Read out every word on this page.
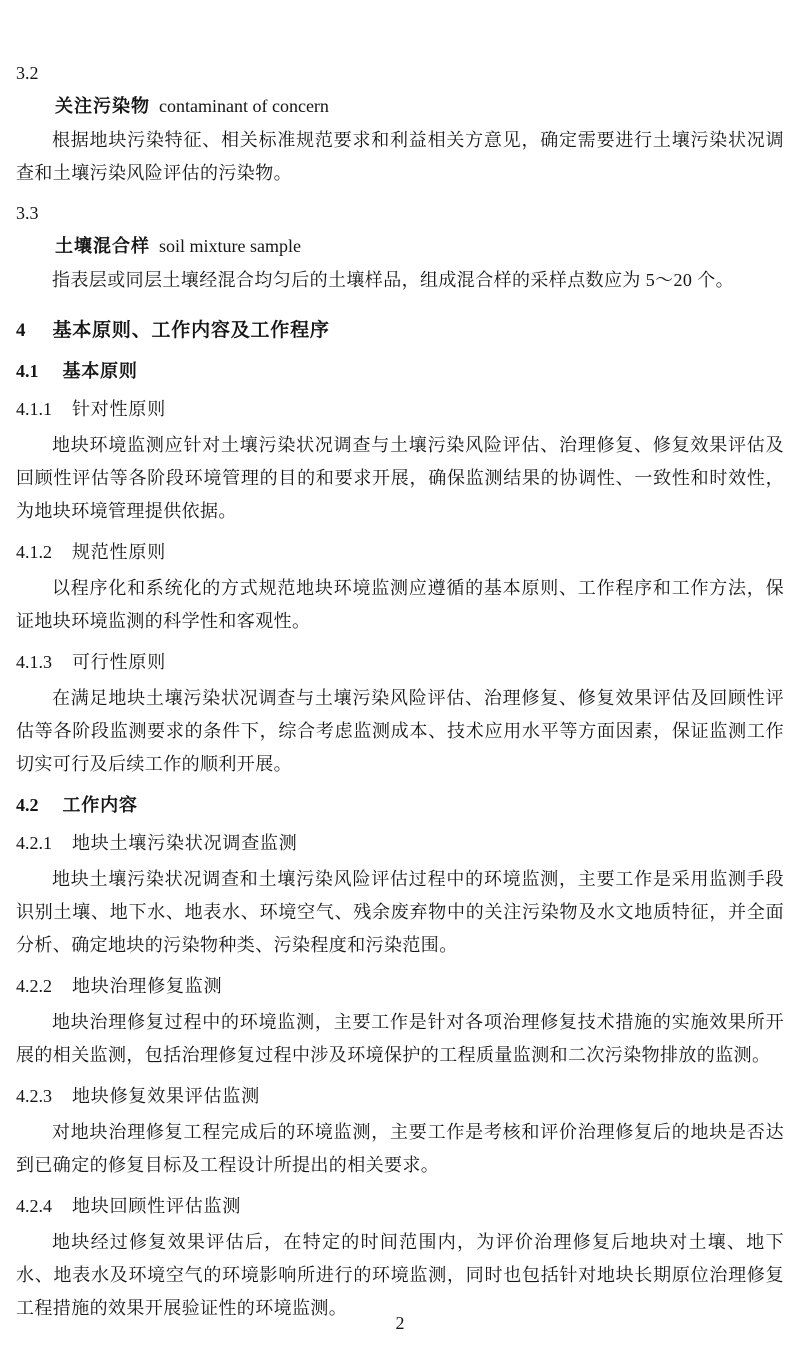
3.2
关注污染物 contaminant of concern

根据地块污染特征、相关标准规范要求和利益相关方意见，确定需要进行土壤污染状况调查和土壤污染风险评估的污染物。

3.3
土壤混合样 soil mixture sample

指表层或同层土壤经混合均匀后的土壤样品，组成混合样的采样点数应为 5～20 个。

4 基本原则、工作内容及工作程序
4.1 基本原则
4.1.1 针对性原则

地块环境监测应针对土壤污染状况调查与土壤污染风险评估、治理修复、修复效果评估及回顾性评估等各阶段环境管理的目的和要求开展，确保监测结果的协调性、一致性和时效性，为地块环境管理提供依据。

4.1.2 规范性原则

以程序化和系统化的方式规范地块环境监测应遵循的基本原则、工作程序和工作方法，保证地块环境监测的科学性和客观性。

4.1.3 可行性原则

在满足地块土壤污染状况调查与土壤污染风险评估、治理修复、修复效果评估及回顾性评估等各阶段监测要求的条件下，综合考虑监测成本、技术应用水平等方面因素，保证监测工作切实可行及后续工作的顺利开展。

4.2 工作内容
4.2.1 地块土壤污染状况调查监测

地块土壤污染状况调查和土壤污染风险评估过程中的环境监测，主要工作是采用监测手段识别土壤、地下水、地表水、环境空气、残余废弃物中的关注污染物及水文地质特征，并全面分析、确定地块的污染物种类、污染程度和污染范围。

4.2.2 地块治理修复监测

地块治理修复过程中的环境监测，主要工作是针对各项治理修复技术措施的实施效果所开展的相关监测，包括治理修复过程中涉及环境保护的工程质量监测和二次污染物排放的监测。

4.2.3 地块修复效果评估监测

对地块治理修复工程完成后的环境监测，主要工作是考核和评价治理修复后的地块是否达到已确定的修复目标及工程设计所提出的相关要求。

4.2.4 地块回顾性评估监测

地块经过修复效果评估后，在特定的时间范围内，为评价治理修复后地块对土壤、地下水、地表水及环境空气的环境影响所进行的环境监测，同时也包括针对地块长期原位治理修复工程措施的效果开展验证性的环境监测。

2
